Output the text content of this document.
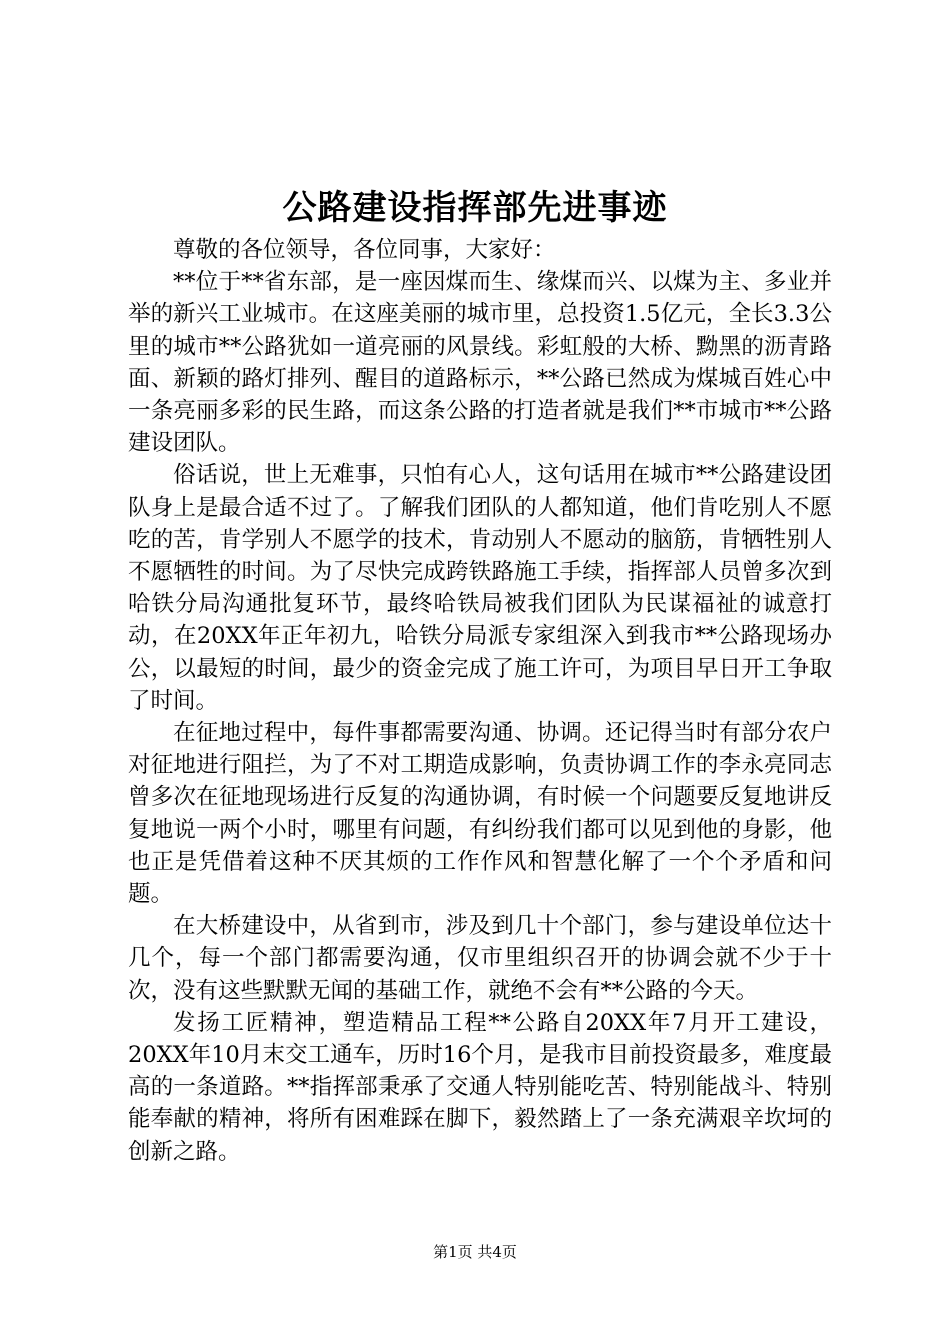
公路建设指挥部先进事迹

尊敬的各位领导，各位同事，大家好：

**位于**省东部，是一座因煤而生、缘煤而兴、以煤为主、多业并举的新兴工业城市。在这座美丽的城市里，总投资1.5亿元，全长3.3公里的城市**公路犹如一道亮丽的风景线。彩虹般的大桥、黝黑的沥青路面、新颖的路灯排列、醒目的道路标示，**公路已然成为煤城百姓心中一条亮丽多彩的民生路，而这条公路的打造者就是我们**市城市**公路建设团队。

俗话说，世上无难事，只怕有心人，这句话用在城市**公路建设团队身上是最合适不过了。了解我们团队的人都知道，他们肯吃别人不愿吃的苦，肯学别人不愿学的技术，肯动别人不愿动的脑筋，肯牺牲别人不愿牺牲的时间。为了尽快完成跨铁路施工手续，指挥部人员曾多次到哈铁分局沟通批复环节，最终哈铁局被我们团队为民谋福祉的诚意打动，在20XX年正年初九，哈铁分局派专家组深入到我市**公路现场办公，以最短的时间，最少的资金完成了施工许可，为项目早日开工争取了时间。

在征地过程中，每件事都需要沟通、协调。还记得当时有部分农户对征地进行阻拦，为了不对工期造成影响，负责协调工作的李永亮同志曾多次在征地现场进行反复的沟通协调，有时候一个问题要反复地讲反复地说一两个小时，哪里有问题，有纠纷我们都可以见到他的身影，他也正是凭借着这种不厌其烦的工作作风和智慧化解了一个个矛盾和问题。

在大桥建设中，从省到市，涉及到几十个部门，参与建设单位达十几个，每一个部门都需要沟通，仅市里组织召开的协调会就不少于十次，没有这些默默无闻的基础工作，就绝不会有**公路的今天。

发扬工匠精神，塑造精品工程**公路自20XX年7月开工建设，20XX年10月末交工通车，历时16个月，是我市目前投资最多，难度最高的一条道路。**指挥部秉承了交通人特别能吃苦、特别能战斗、特别能奉献的精神，将所有困难踩在脚下，毅然踏上了一条充满艰辛坎坷的创新之路。

第1页 共4页
